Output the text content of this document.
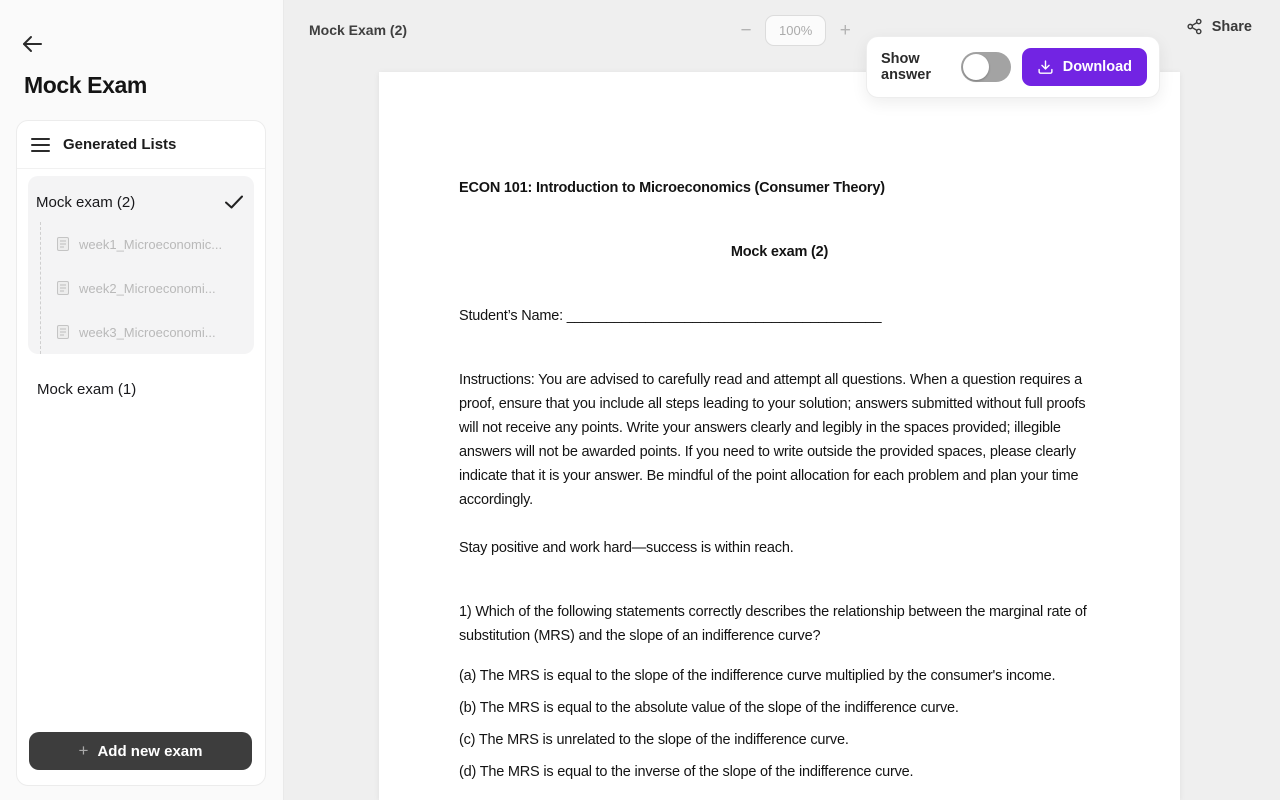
Mock Exam
Generated Lists
Mock exam (2)
week1_Microeconomic...
week2_Microeconomi...
week3_Microeconomi...
Mock exam (1)
+ Add new exam
Mock Exam (2)	−	100%	+	Share

ECON 101: Introduction to Microeconomics (Consumer Theory)

Mock exam (2)

Student’s Name: ________________________________________

Instructions: You are advised to carefully read and attempt all questions. When a question requires a proof, ensure that you include all steps leading to your solution; answers submitted without full proofs will not receive any points. Write your answers clearly and legibly in the spaces provided; illegible answers will not be awarded points. If you need to write outside the provided spaces, please clearly indicate that it is your answer. Be mindful of the point allocation for each problem and plan your time accordingly.

Stay positive and work hard—success is within reach.

1) Which of the following statements correctly describes the relationship between the marginal rate of substitution (MRS) and the slope of an indifference curve?

(a) The MRS is equal to the slope of the indifference curve multiplied by the consumer's income.

(b) The MRS is equal to the absolute value of the slope of the indifference curve.

(c) The MRS is unrelated to the slope of the indifference curve.

(d) The MRS is equal to the inverse of the slope of the indifference curve.

Show answer	Download
